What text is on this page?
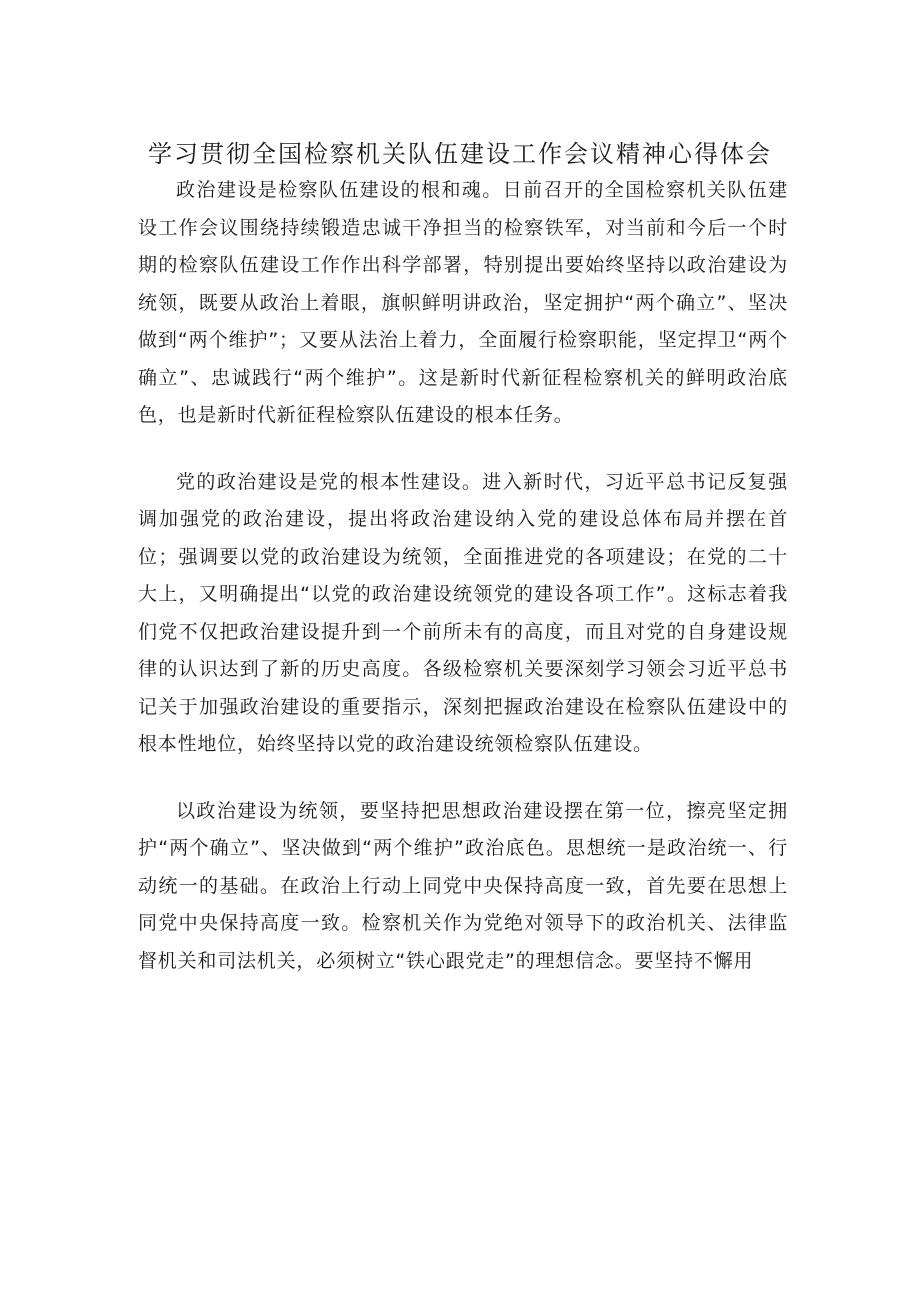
学习贯彻全国检察机关队伍建设工作会议精神心得体会

政治建设是检察队伍建设的根和魂。日前召开的全国检察机关队伍建设工作会议围绕持续锻造忠诚干净担当的检察铁军，对当前和今后一个时期的检察队伍建设工作作出科学部署，特别提出要始终坚持以政治建设为统领，既要从政治上着眼，旗帜鲜明讲政治，坚定拥护“两个确立”、坚决做到“两个维护”；又要从法治上着力，全面履行检察职能，坚定捍卫“两个确立”、忠诚践行“两个维护”。这是新时代新征程检察机关的鲜明政治底色，也是新时代新征程检察队伍建设的根本任务。

党的政治建设是党的根本性建设。进入新时代，习近平总书记反复强调加强党的政治建设，提出将政治建设纳入党的建设总体布局并摆在首位；强调要以党的政治建设为统领，全面推进党的各项建设；在党的二十大上，又明确提出“以党的政治建设统领党的建设各项工作”。这标志着我们党不仅把政治建设提升到一个前所未有的高度，而且对党的自身建设规律的认识达到了新的历史高度。各级检察机关要深刻学习领会习近平总书记关于加强政治建设的重要指示，深刻把握政治建设在检察队伍建设中的根本性地位，始终坚持以党的政治建设统领检察队伍建设。

以政治建设为统领，要坚持把思想政治建设摆在第一位，擦亮坚定拥护“两个确立”、坚决做到“两个维护”政治底色。思想统一是政治统一、行动统一的基础。在政治上行动上同党中央保持高度一致，首先要在思想上同党中央保持高度一致。检察机关作为党绝对领导下的政治机关、法律监督机关和司法机关，必须树立“铁心跟党走”的理想信念。要坚持不懈用
